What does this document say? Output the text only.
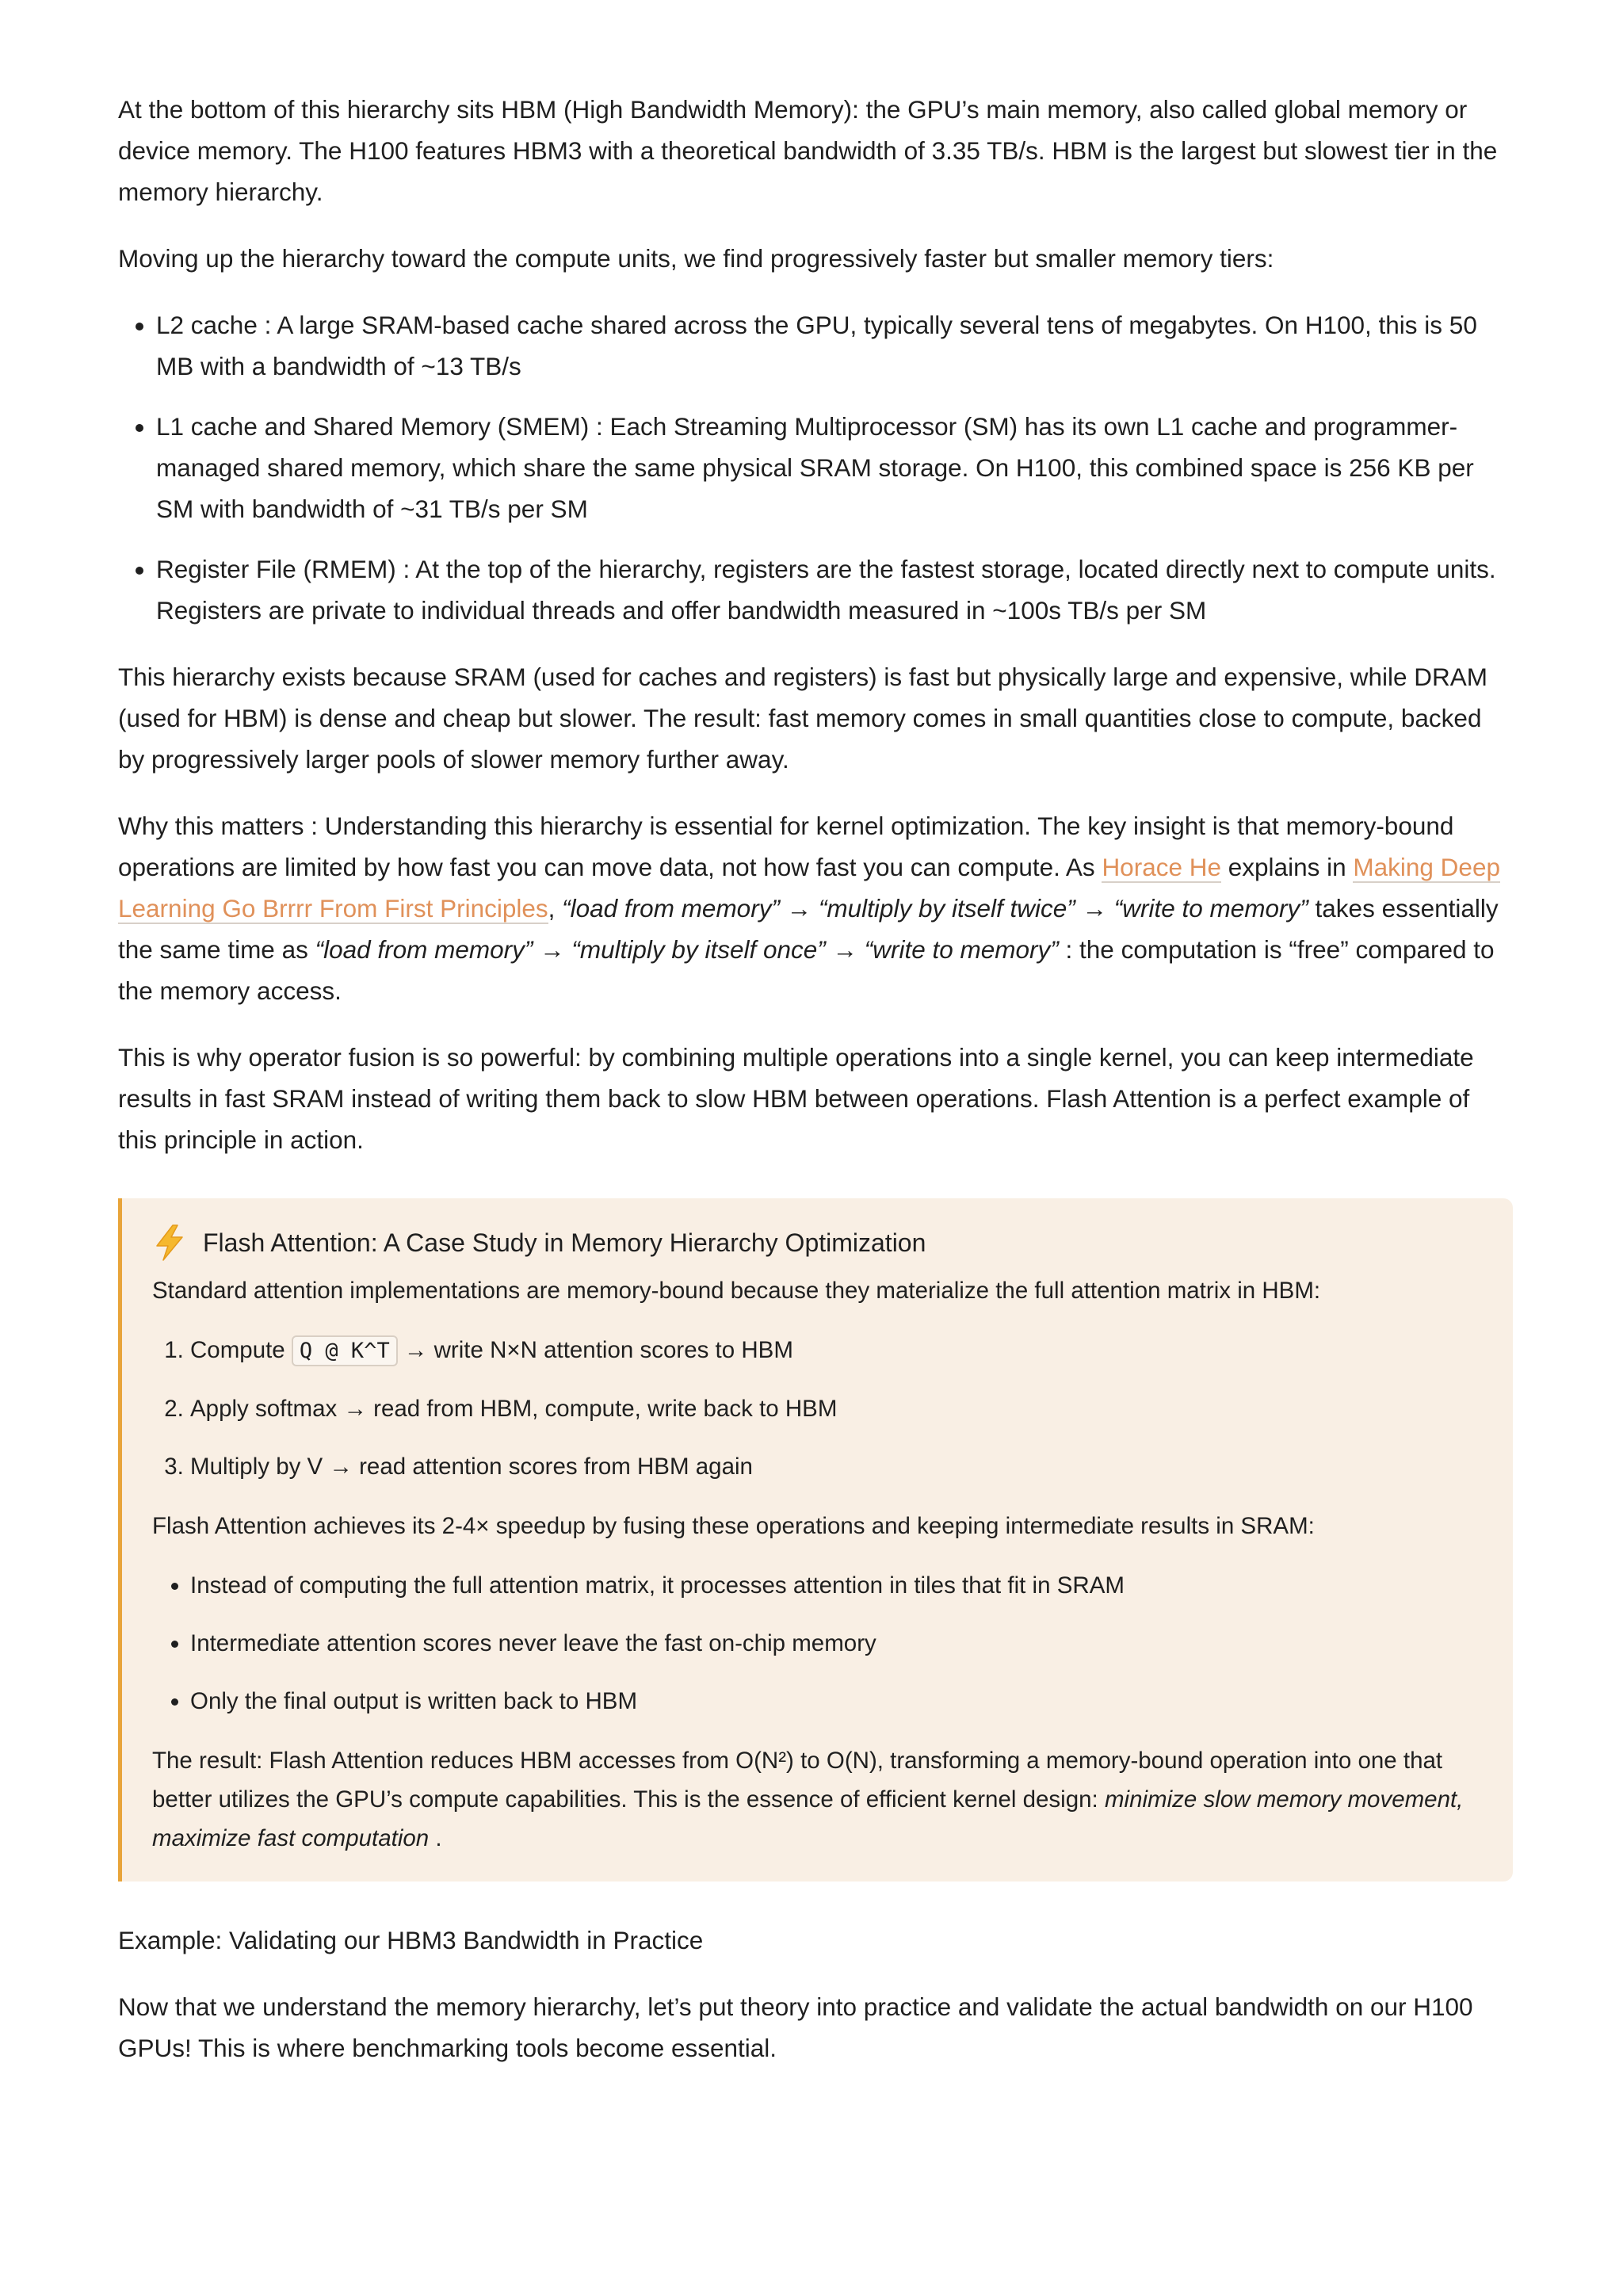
At the bottom of this hierarchy sits HBM (High Bandwidth Memory): the GPU’s main memory, also called global memory or device memory. The H100 features HBM3 with a theoretical bandwidth of 3.35 TB/s. HBM is the largest but slowest tier in the memory hierarchy.

Moving up the hierarchy toward the compute units, we find progressively faster but smaller memory tiers:

• L2 cache : A large SRAM-based cache shared across the GPU, typically several tens of megabytes. On H100, this is 50 MB with a bandwidth of ~13 TB/s
• L1 cache and Shared Memory (SMEM) : Each Streaming Multiprocessor (SM) has its own L1 cache and programmer-managed shared memory, which share the same physical SRAM storage. On H100, this combined space is 256 KB per SM with bandwidth of ~31 TB/s per SM
• Register File (RMEM) : At the top of the hierarchy, registers are the fastest storage, located directly next to compute units. Registers are private to individual threads and offer bandwidth measured in ~100s TB/s per SM

This hierarchy exists because SRAM (used for caches and registers) is fast but physically large and expensive, while DRAM (used for HBM) is dense and cheap but slower. The result: fast memory comes in small quantities close to compute, backed by progressively larger pools of slower memory further away.

Why this matters : Understanding this hierarchy is essential for kernel optimization. The key insight is that memory-bound operations are limited by how fast you can move data, not how fast you can compute. As Horace He explains in Making Deep Learning Go Brrrr From First Principles, “load from memory” → “multiply by itself twice” → “write to memory” takes essentially the same time as “load from memory” → “multiply by itself once” → “write to memory” : the computation is “free” compared to the memory access.

This is why operator fusion is so powerful: by combining multiple operations into a single kernel, you can keep intermediate results in fast SRAM instead of writing them back to slow HBM between operations. Flash Attention is a perfect example of this principle in action.

Flash Attention: A Case Study in Memory Hierarchy Optimization

Standard attention implementations are memory-bound because they materialize the full attention matrix in HBM:

1. Compute Q @ K^T → write N×N attention scores to HBM
2. Apply softmax → read from HBM, compute, write back to HBM
3. Multiply by V → read attention scores from HBM again

Flash Attention achieves its 2-4× speedup by fusing these operations and keeping intermediate results in SRAM:

• Instead of computing the full attention matrix, it processes attention in tiles that fit in SRAM
• Intermediate attention scores never leave the fast on-chip memory
• Only the final output is written back to HBM

The result: Flash Attention reduces HBM accesses from O(N²) to O(N), transforming a memory-bound operation into one that better utilizes the GPU’s compute capabilities. This is the essence of efficient kernel design: minimize slow memory movement, maximize fast computation .

Example: Validating our HBM3 Bandwidth in Practice

Now that we understand the memory hierarchy, let’s put theory into practice and validate the actual bandwidth on our H100 GPUs! This is where benchmarking tools become essential.
